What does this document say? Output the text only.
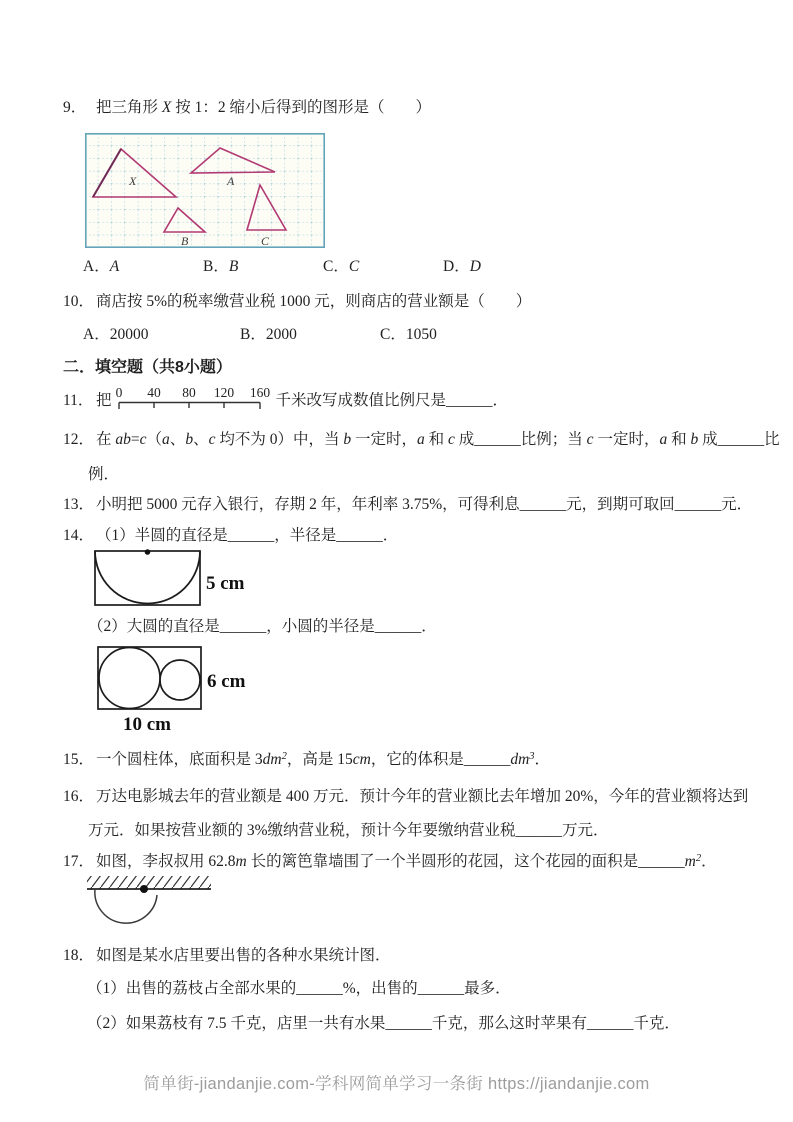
9． 把三角形 X 按 1：2 缩小后得到的图形是（　　）
X	A
B	C
A．A	B．B	C．C	D．D
10． 商店按 5%的税率缴营业税 1000 元，则商店的营业额是（　　）
A．20000	B．2000	C．1050
二．填空题（共8小题）
11． 把 0 40 80 120 160 千米改写成数值比例尺是______．
12． 在 ab=c（a、b、c 均不为 0）中，当 b 一定时，a 和 c 成______比例；当 c 一定时，a 和 b 成______比
例．
13． 小明把 5000 元存入银行，存期 2 年，年利率 3.75%，可得利息______元，到期可取回______元．
14． （1）半圆的直径是______，半径是______．
5 cm
（2）大圆的直径是______，小圆的半径是______．
6 cm
10 cm
15． 一个圆柱体，底面积是 $3dm^2$，高是 15cm，它的体积是$\_\_\_\_\_\_dm^3$．
16． 万达电影城去年的营业额是 400 万元．预计今年的营业额比去年增加 20%，今年的营业额将达到
万元．如果按营业额的 3%缴纳营业税，预计今年要缴纳营业税______万元．
17． 如图，李叔叔用 62.8m 长的篱笆靠墙围了一个半圆形的花园，这个花园的面积是$\_\_\_\_\_\_m^2$．
18． 如图是某水店里要出售的各种水果统计图．
（1）出售的荔枝占全部水果的______%，出售的______最多．
（2）如果荔枝有 7.5 千克，店里一共有水果______千克，那么这时苹果有______千克．
简单街-jiandanjie.com-学科网简单学习一条街 https://jiandanjie.com
